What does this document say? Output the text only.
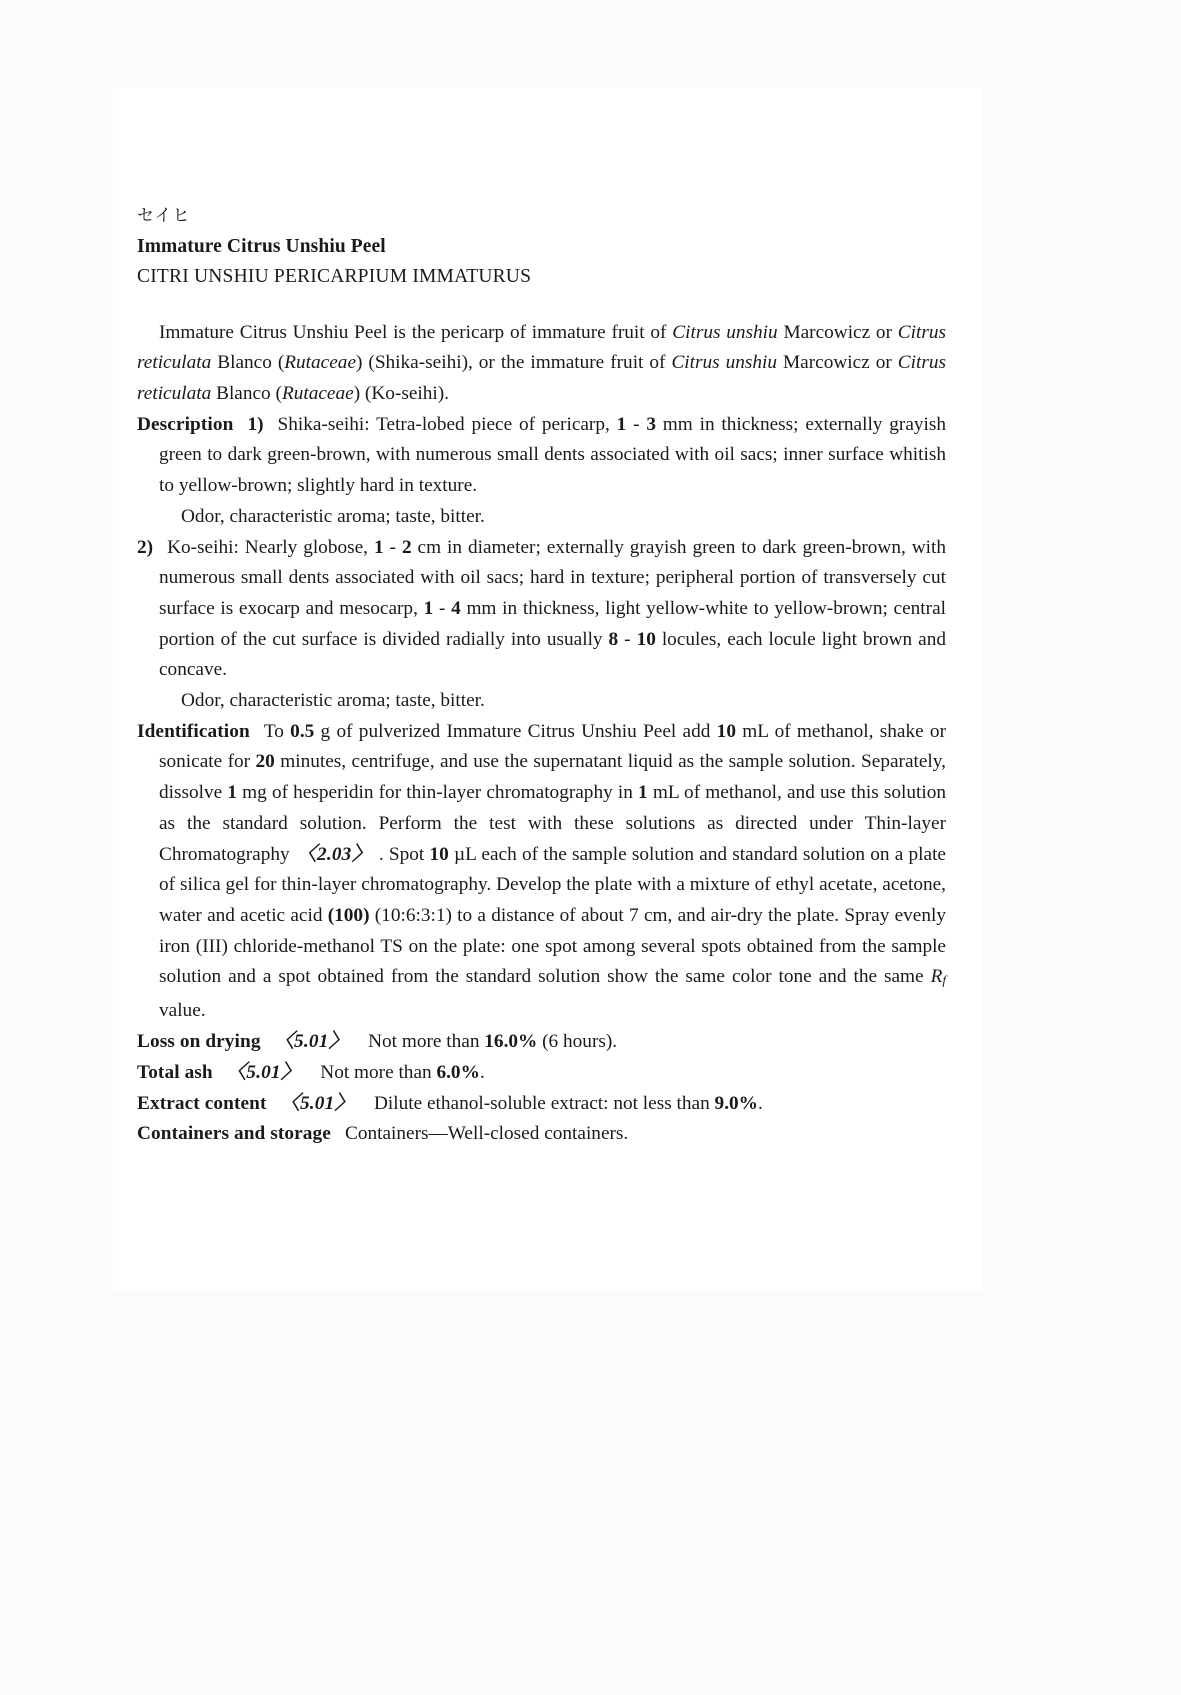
セイヒ

Immature Citrus Unshiu Peel

CITRI UNSHIU PERICARPIUM IMMATURUS

Immature Citrus Unshiu Peel is the pericarp of immature fruit of Citrus unshiu Marcowicz or Citrus reticulata Blanco (Rutaceae) (Shika-seihi), or the immature fruit of Citrus unshiu Marcowicz or Citrus reticulata Blanco (Rutaceae) (Ko-seihi).

Description 1) Shika-seihi: Tetra-lobed piece of pericarp, 1 - 3 mm in thickness; externally grayish green to dark green-brown, with numerous small dents associated with oil sacs; inner surface whitish to yellow-brown; slightly hard in texture.

Odor, characteristic aroma; taste, bitter.

2) Ko-seihi: Nearly globose, 1 - 2 cm in diameter; externally grayish green to dark green-brown, with numerous small dents associated with oil sacs; hard in texture; peripheral portion of transversely cut surface is exocarp and mesocarp, 1 - 4 mm in thickness, light yellow-white to yellow-brown; central portion of the cut surface is divided radially into usually 8 - 10 locules, each locule light brown and concave.

Odor, characteristic aroma; taste, bitter.

Identification To 0.5 g of pulverized Immature Citrus Unshiu Peel add 10 mL of methanol, shake or sonicate for 20 minutes, centrifuge, and use the supernatant liquid as the sample solution. Separately, dissolve 1 mg of hesperidin for thin-layer chromatography in 1 mL of methanol, and use this solution as the standard solution. Perform the test with these solutions as directed under Thin-layer Chromatography 〈2.03〉 . Spot 10 µL each of the sample solution and standard solution on a plate of silica gel for thin-layer chromatography. Develop the plate with a mixture of ethyl acetate, acetone, water and acetic acid (100) (10:6:3:1) to a distance of about 7 cm, and air-dry the plate. Spray evenly iron (III) chloride-methanol TS on the plate: one spot among several spots obtained from the sample solution and a spot obtained from the standard solution show the same color tone and the same $R_f$ value.

Loss on drying 〈5.01〉 Not more than 16.0% (6 hours).

Total ash 〈5.01〉 Not more than 6.0%.

Extract content 〈5.01〉 Dilute ethanol-soluble extract: not less than 9.0%.

Containers and storage Containers—Well-closed containers.
